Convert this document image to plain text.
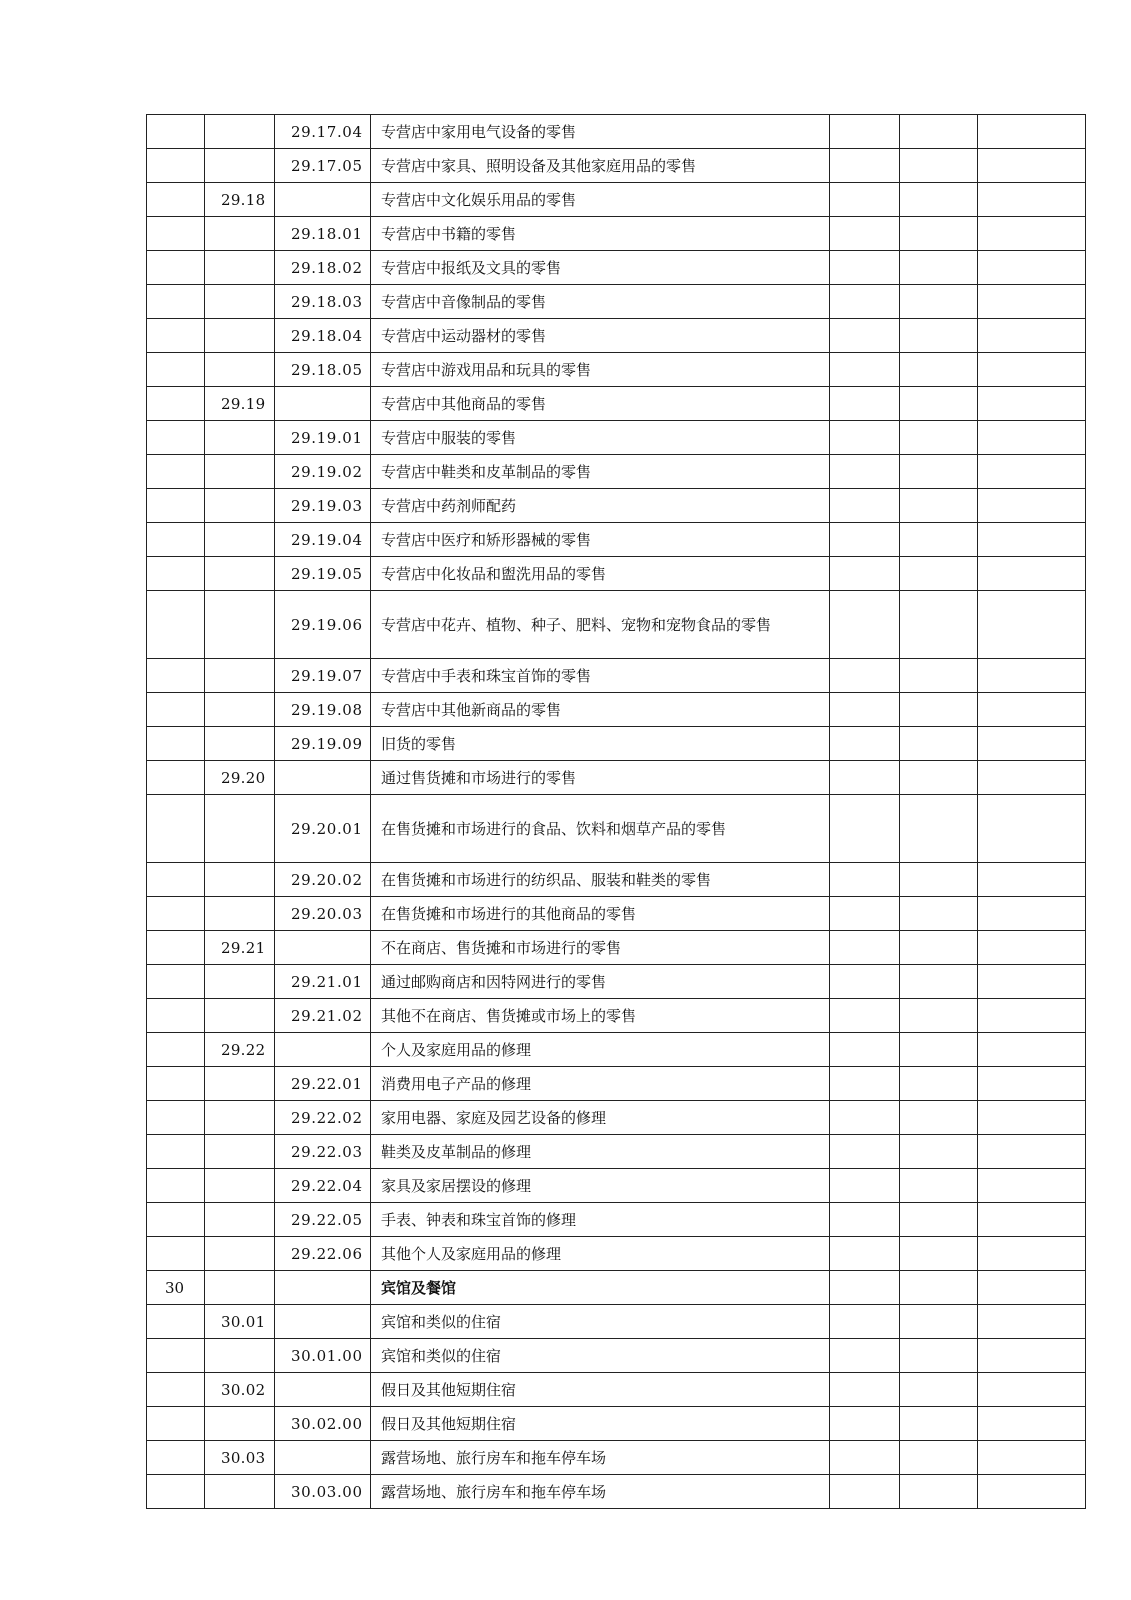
		29.17.04	专营店中家用电气设备的零售			
		29.17.05	专营店中家具、照明设备及其他家庭用品的零售			
	29.18		专营店中文化娱乐用品的零售			
		29.18.01	专营店中书籍的零售			
		29.18.02	专营店中报纸及文具的零售			
		29.18.03	专营店中音像制品的零售			
		29.18.04	专营店中运动器材的零售			
		29.18.05	专营店中游戏用品和玩具的零售			
	29.19		专营店中其他商品的零售			
		29.19.01	专营店中服装的零售			
		29.19.02	专营店中鞋类和皮革制品的零售			
		29.19.03	专营店中药剂师配药			
		29.19.04	专营店中医疗和矫形器械的零售			
		29.19.05	专营店中化妆品和盥洗用品的零售			
		29.19.06	专营店中花卉、植物、种子、肥料、宠物和宠物食品的零售			
		29.19.07	专营店中手表和珠宝首饰的零售			
		29.19.08	专营店中其他新商品的零售			
		29.19.09	旧货的零售			
	29.20		通过售货摊和市场进行的零售			
		29.20.01	在售货摊和市场进行的食品、饮料和烟草产品的零售			
		29.20.02	在售货摊和市场进行的纺织品、服装和鞋类的零售			
		29.20.03	在售货摊和市场进行的其他商品的零售			
	29.21		不在商店、售货摊和市场进行的零售			
		29.21.01	通过邮购商店和因特网进行的零售			
		29.21.02	其他不在商店、售货摊或市场上的零售			
	29.22		个人及家庭用品的修理			
		29.22.01	消费用电子产品的修理			
		29.22.02	家用电器、家庭及园艺设备的修理			
		29.22.03	鞋类及皮革制品的修理			
		29.22.04	家具及家居摆设的修理			
		29.22.05	手表、钟表和珠宝首饰的修理			
		29.22.06	其他个人及家庭用品的修理			
30			宾馆及餐馆			
	30.01		宾馆和类似的住宿			
		30.01.00	宾馆和类似的住宿			
	30.02		假日及其他短期住宿			
		30.02.00	假日及其他短期住宿			
	30.03		露营场地、旅行房车和拖车停车场			
		30.03.00	露营场地、旅行房车和拖车停车场			
